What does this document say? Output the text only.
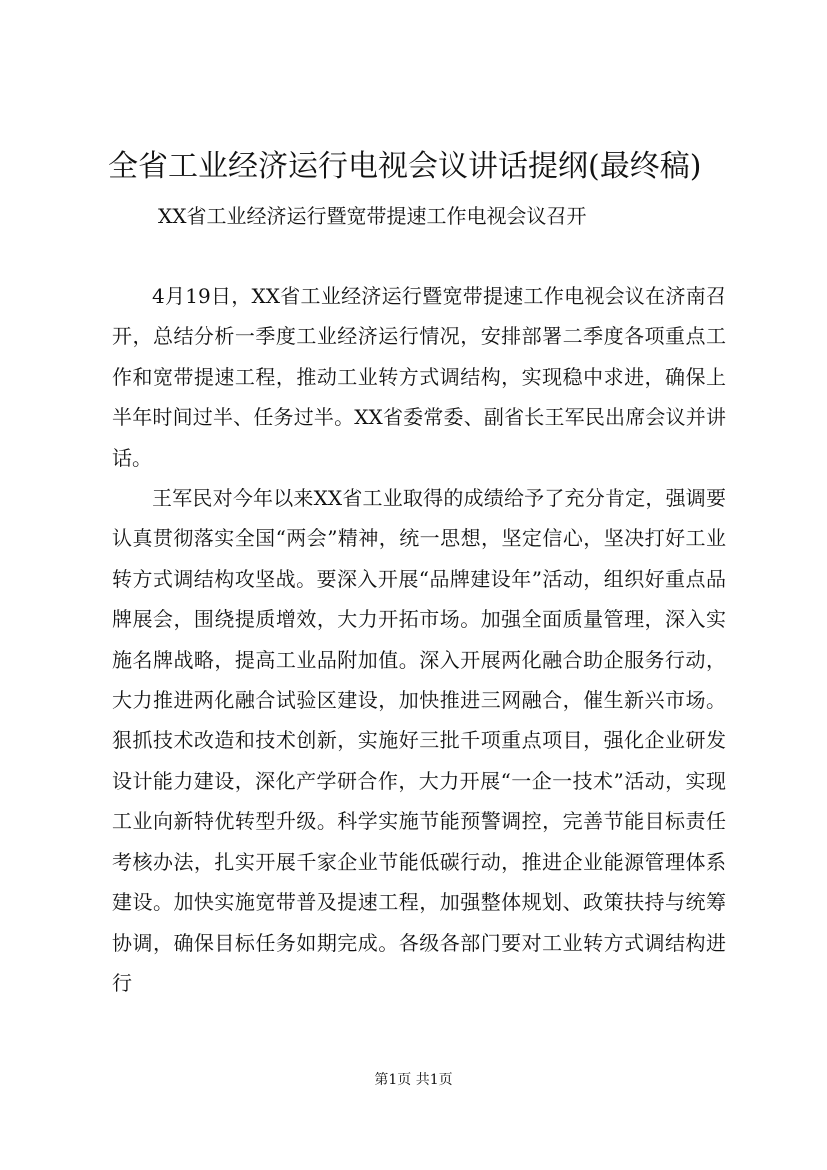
全省工业经济运行电视会议讲话提纲(最终稿)

XX省工业经济运行暨宽带提速工作电视会议召开

4月19日，XX省工业经济运行暨宽带提速工作电视会议在济南召开，总结分析一季度工业经济运行情况，安排部署二季度各项重点工作和宽带提速工程，推动工业转方式调结构，实现稳中求进，确保上半年时间过半、任务过半。XX省委常委、副省长王军民出席会议并讲话。

王军民对今年以来XX省工业取得的成绩给予了充分肯定，强调要认真贯彻落实全国“两会”精神，统一思想，坚定信心，坚决打好工业转方式调结构攻坚战。要深入开展“品牌建设年”活动，组织好重点品牌展会，围绕提质增效，大力开拓市场。加强全面质量管理，深入实施名牌战略，提高工业品附加值。深入开展两化融合助企服务行动，大力推进两化融合试验区建设，加快推进三网融合，催生新兴市场。狠抓技术改造和技术创新，实施好三批千项重点项目，强化企业研发设计能力建设，深化产学研合作，大力开展“一企一技术”活动，实现工业向新特优转型升级。科学实施节能预警调控，完善节能目标责任考核办法，扎实开展千家企业节能低碳行动，推进企业能源管理体系建设。加快实施宽带普及提速工程，加强整体规划、政策扶持与统筹协调，确保目标任务如期完成。各级各部门要对工业转方式调结构进行

第1页 共1页
